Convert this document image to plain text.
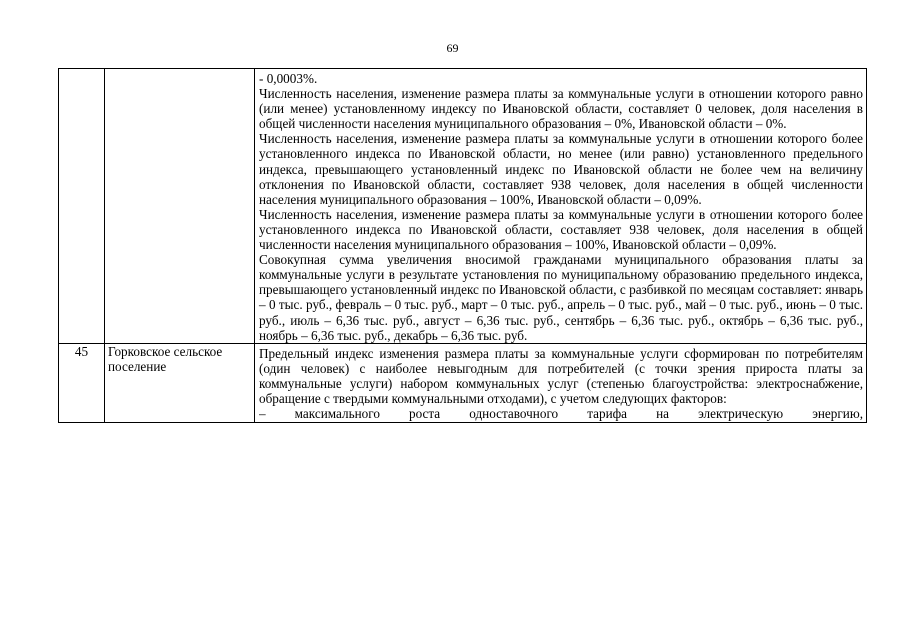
69

		- 0,0003%.

Численность населения, изменение размера платы за коммунальные услуги в отношении которого равно (или менее) установленному индексу по Ивановской области, составляет 0 человек, доля населения в общей численности населения муниципального образования – 0%, Ивановской области – 0%.

Численность населения, изменение размера платы за коммунальные услуги в отношении которого более установленного индекса по Ивановской области, но менее (или равно) установленного предельного индекса, превышающего установленный индекс по Ивановской области не более чем на величину отклонения по Ивановской области, составляет 938 человек, доля населения в общей численности населения муниципального образования – 100%, Ивановской области – 0,09%.

Численность населения, изменение размера платы за коммунальные услуги в отношении которого более установленного индекса по Ивановской области, составляет 938 человек, доля населения в общей численности населения муниципального образования – 100%, Ивановской области – 0,09%.

Совокупная сумма увеличения вносимой гражданами муниципального образования платы за коммунальные услуги в результате установления по муниципальному образованию предельного индекса, превышающего установленный индекс по Ивановской области, с разбивкой по месяцам составляет: январь – 0 тыс. руб., февраль – 0 тыс. руб., март – 0 тыс. руб., апрель – 0 тыс. руб., май – 0 тыс. руб., июнь – 0 тыс. руб., июль – 6,36 тыс. руб., август – 6,36 тыс. руб., сентябрь – 6,36 тыс. руб., октябрь – 6,36 тыс. руб., ноябрь – 6,36 тыс. руб., декабрь – 6,36 тыс. руб.

45	Горковское сельское поселение	Предельный индекс изменения размера платы за коммунальные услуги сформирован по потребителям (один человек) с наиболее невыгодным для потребителей (с точки зрения прироста платы за коммунальные услуги) набором коммунальных услуг (степенью благоустройства: электроснабжение, обращение с твердыми коммунальными отходами), с учетом следующих факторов:

– максимального роста одноставочного тарифа на электрическую энергию,
